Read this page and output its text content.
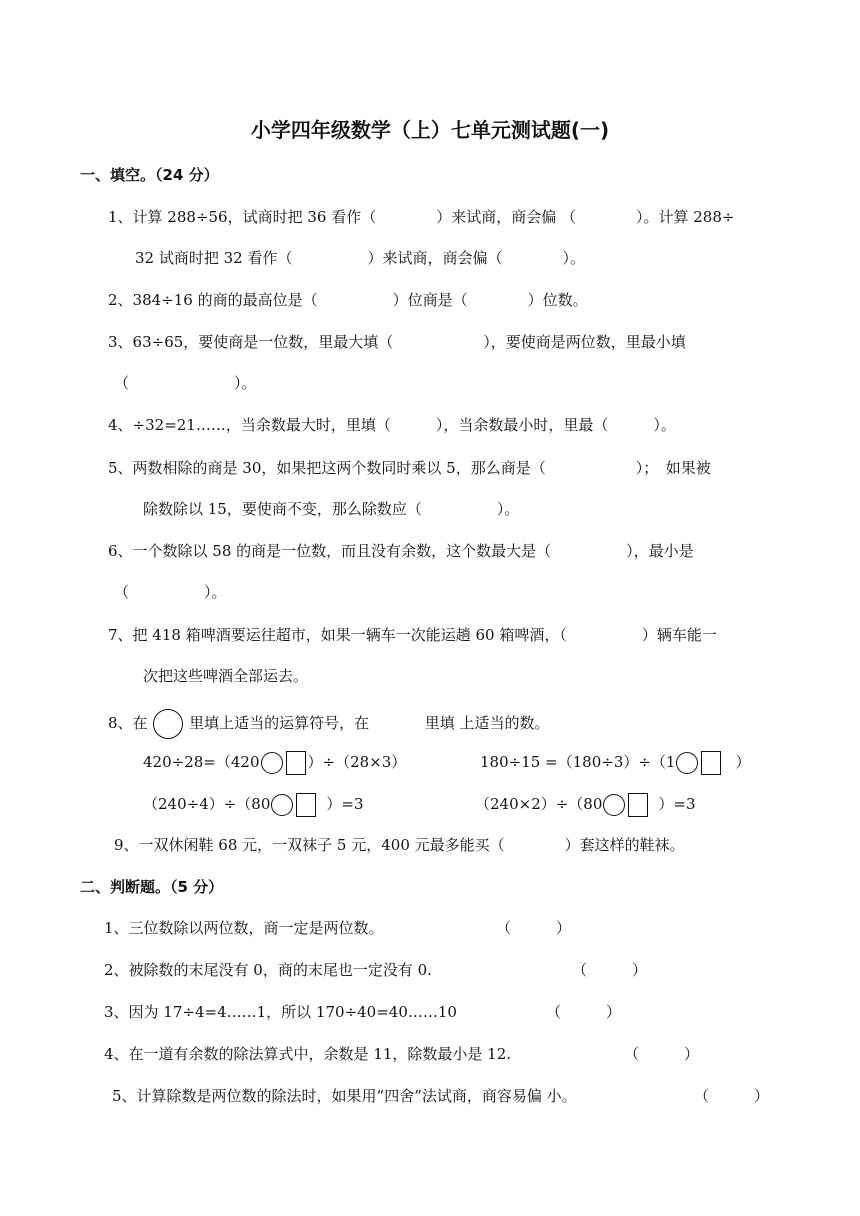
小学四年级数学（上）七单元测试题(一)
一、填空。（24 分）
1、计算 288÷56，试商时把 36 看作（　　　　）来试商，商会偏 （　　　　）。计算 288÷
32 试商时把 32 看作（　　　　　）来试商，商会偏（　　　　）。
2、384÷16 的商的最高位是（　　　　　）位商是（　　　　）位数。
3、63÷65，要使商是一位数，里最大填（　　　　　　），要使商是两位数，里最小填
（　　　　　　　）。
4、÷32=21……，当余数最大时，里填（　　　），当余数最小时，里最（　　　）。
5、两数相除的商是 30，如果把这两个数同时乘以 5，那么商是（　　　　　　）；　如果被
除数除以 15，要使商不变，那么除数应（　　　　　）。
6、一个数除以 58 的商是一位数，而且没有余数，这个数最大是（　　　　　），最小是
（　　　　　）。
7、把 418 箱啤酒要运往超市，如果一辆车一次能运趟 60 箱啤酒，（　　　　　）辆车能一
次把这些啤酒全部运去。
8、在	里填上适当的运算符号，在	里填 上适当的数。
420÷28=（420	）÷（28×3）	180÷15 =（180÷3）÷（1	）
（240÷4）÷（80	）=3	（240×2）÷（80	）=3
9、一双休闲鞋 68 元，一双袜子 5 元，400 元最多能买（　　　　）套这样的鞋袜。
二、判断题。（5 分）
1、三位数除以两位数，商一定是两位数。	（　　　）
2、被除数的末尾没有 0，商的末尾也一定没有 0.	（　　　）
3、因为 17÷4=4……1，所以 170÷40=40……10	（　　　）
4、在一道有余数的除法算式中，余数是 11，除数最小是 12.	（　　　）
5、计算除数是两位数的除法时，如果用“四舍”法试商，商容易偏 小。	（　　　）
